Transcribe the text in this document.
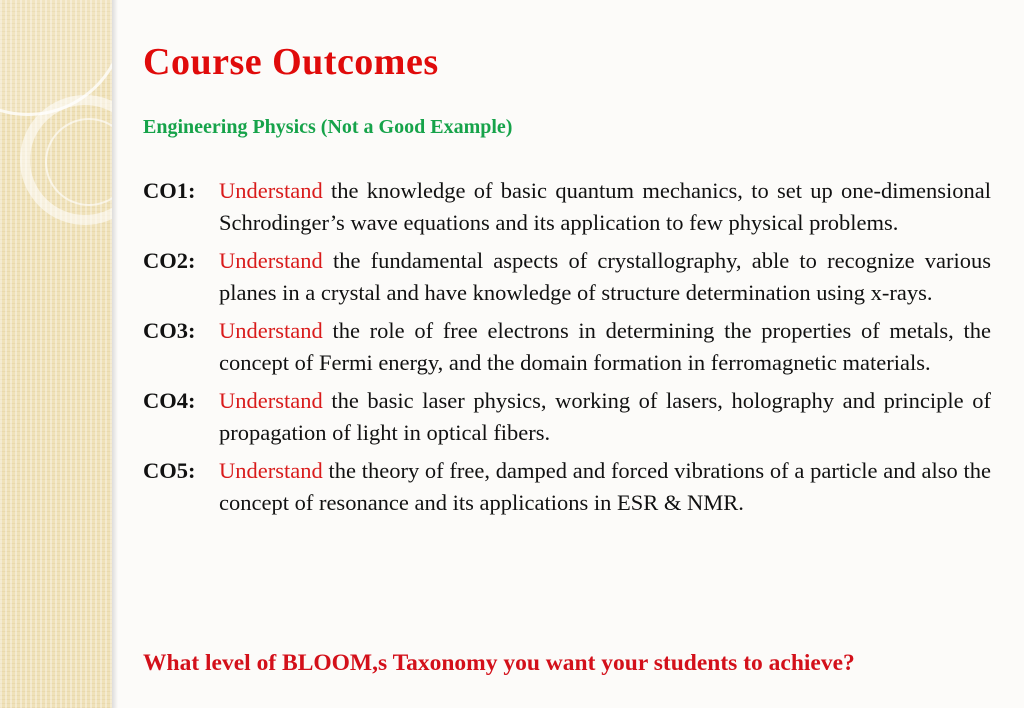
Course Outcomes
Engineering Physics (Not a Good Example)
CO1:	Understand the knowledge of basic quantum mechanics, to set up one-dimensional Schrodinger’s wave equations and its application to few physical problems.
CO2:	Understand the fundamental aspects of crystallography, able to recognize various planes in a crystal and have knowledge of structure determination using x-rays.
CO3:	Understand the role of free electrons in determining the properties of metals, the concept of Fermi energy, and the domain formation in ferromagnetic materials.
CO4:	Understand the basic laser physics, working of lasers, holography and principle of propagation of light in optical fibers.
CO5:	Understand the theory of free, damped and forced vibrations of a particle and also the concept of resonance and its applications in ESR & NMR.
What level of BLOOM,s Taxonomy you want your students to achieve?
